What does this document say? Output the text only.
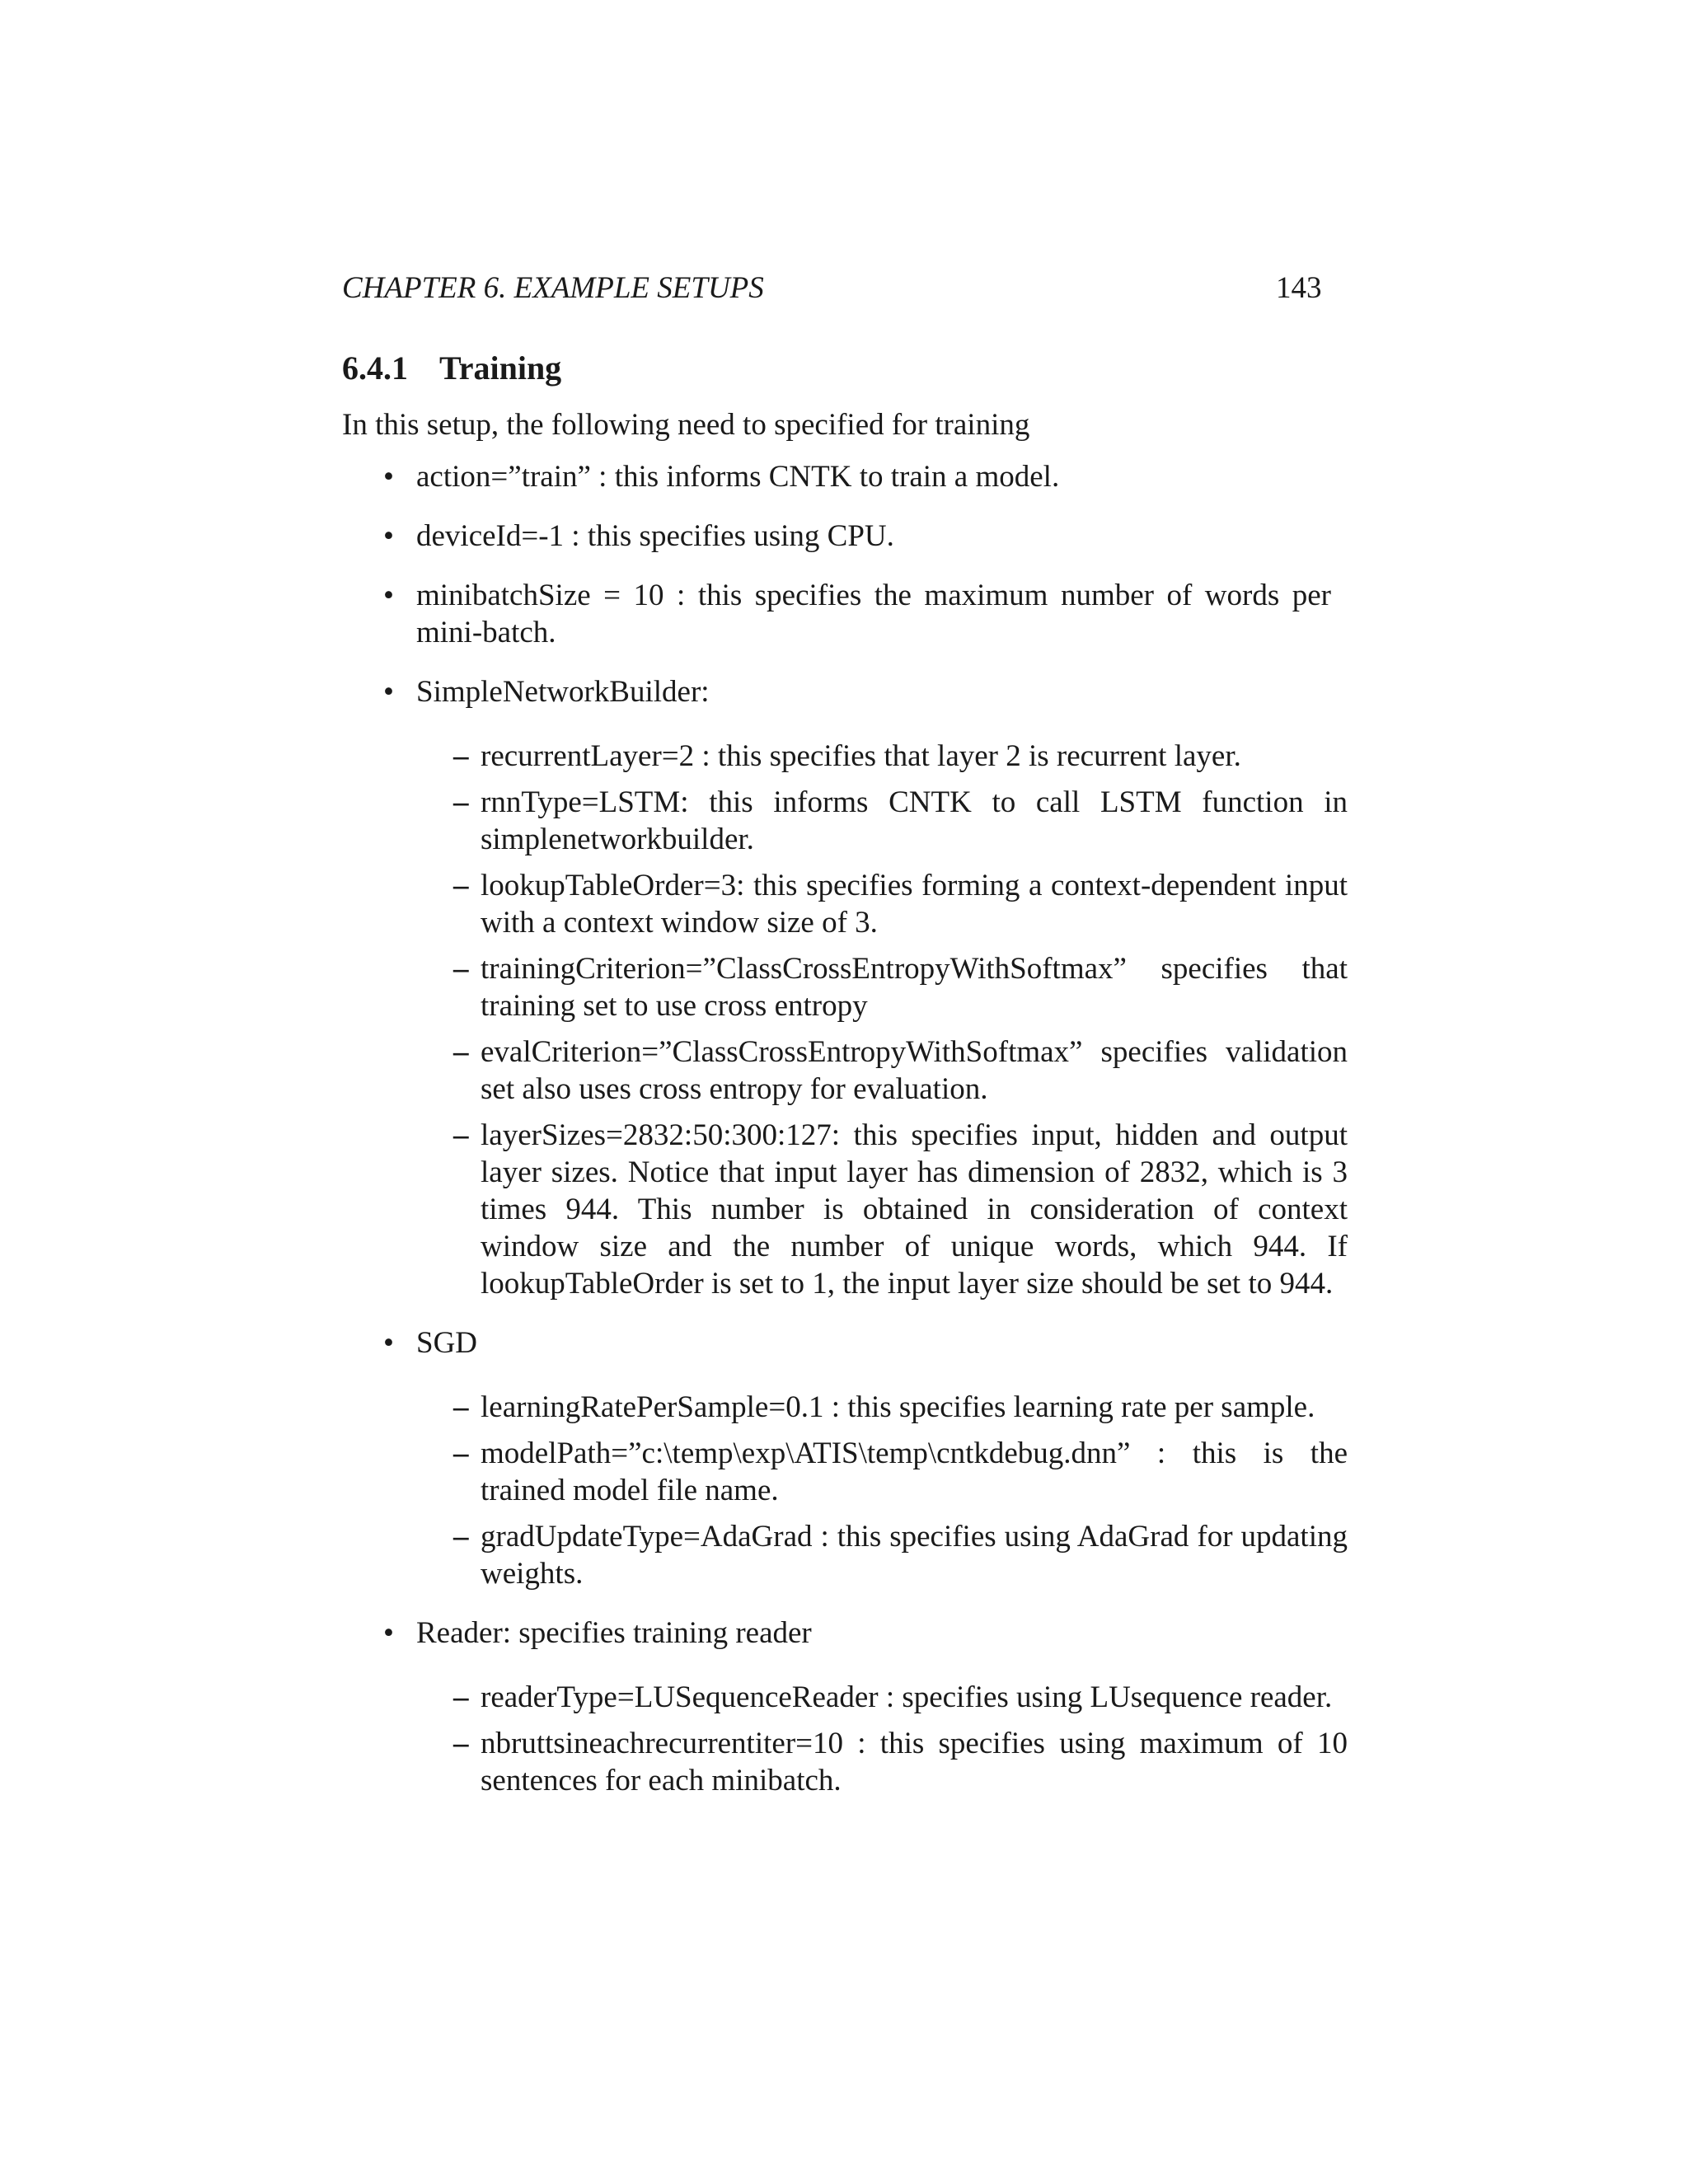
CHAPTER 6. EXAMPLE SETUPS	143
6.4.1 Training
In this setup, the following need to specified for training
• action=”train” : this informs CNTK to train a model.
• deviceId=-1 : this specifies using CPU.
• minibatchSize = 10 : this specifies the maximum number of words per mini-batch.
• SimpleNetworkBuilder:
– recurrentLayer=2 : this specifies that layer 2 is recurrent layer.
– rnnType=LSTM: this informs CNTK to call LSTM function in simplenetworkbuilder.
– lookupTableOrder=3: this specifies forming a context-dependent input with a context window size of 3.
– trainingCriterion=”ClassCrossEntropyWithSoftmax” specifies that training set to use cross entropy
– evalCriterion=”ClassCrossEntropyWithSoftmax” specifies validation set also uses cross entropy for evaluation.
– layerSizes=2832:50:300:127: this specifies input, hidden and output layer sizes. Notice that input layer has dimension of 2832, which is 3 times 944. This number is obtained in consideration of context window size and the number of unique words, which 944. If lookupTableOrder is set to 1, the input layer size should be set to 944.
• SGD
– learningRatePerSample=0.1 : this specifies learning rate per sample.
– modelPath=”c:\temp\exp\ATIS\temp\cntkdebug.dnn” : this is the trained model file name.
– gradUpdateType=AdaGrad : this specifies using AdaGrad for updating weights.
• Reader: specifies training reader
– readerType=LUSequenceReader : specifies using LUsequence reader.
– nbruttsineachrecurrentiter=10 : this specifies using maximum of 10 sentences for each minibatch.
